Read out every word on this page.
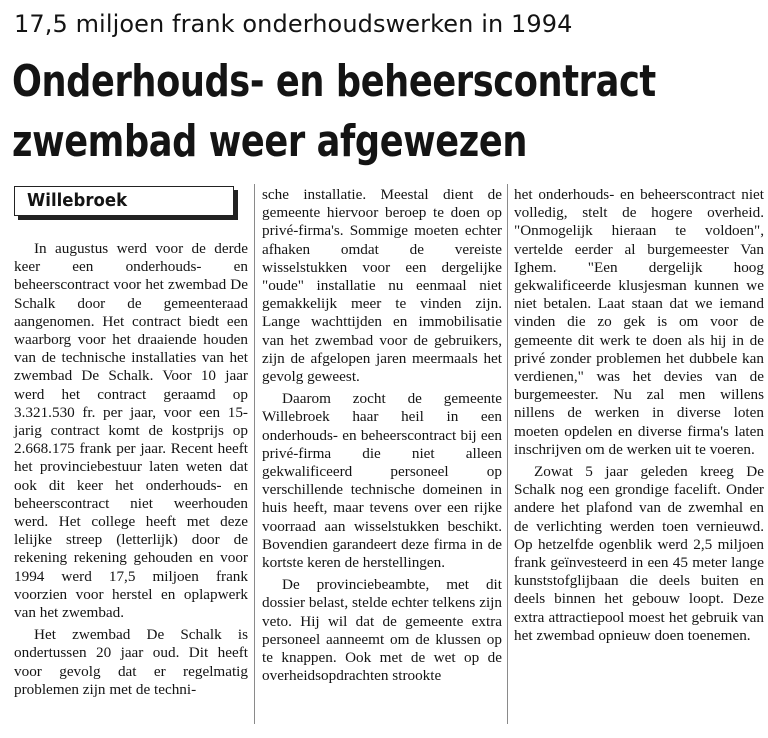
17,5 miljoen frank onderhoudswerken in 1994
Onderhouds- en beheerscontract
zwembad weer afgewezen
Willebroek

In augustus werd voor de derde keer een onderhouds- en beheerscontract voor het zwembad De Schalk door de gemeenteraad aangenomen. Het contract biedt een waarborg voor het draaiende houden van de technische installaties van het zwembad De Schalk. Voor 10 jaar werd het contract geraamd op 3.321.530 fr. per jaar, voor een 15-jarig contract komt de kostprijs op 2.668.175 frank per jaar. Recent heeft het provinciebestuur laten weten dat ook dit keer het onderhouds- en beheerscontract niet weerhouden werd. Het college heeft met deze lelijke streep (letterlijk) door de rekening rekening gehouden en voor 1994 werd 17,5 miljoen frank voorzien voor herstel en oplapwerk van het zwembad.

Het zwembad De Schalk is ondertussen 20 jaar oud. Dit heeft voor gevolg dat er regelmatig problemen zijn met de techni-

sche installatie. Meestal dient de gemeente hiervoor beroep te doen op privé-firma's. Sommige moeten echter afhaken omdat de vereiste wisselstukken voor een dergelijke "oude" installatie nu eenmaal niet gemakkelijk meer te vinden zijn. Lange wachttijden en immobilisatie van het zwembad voor de gebruikers, zijn de afgelopen jaren meermaals het gevolg geweest.

Daarom zocht de gemeente Willebroek haar heil in een onderhouds- en beheerscontract bij een privé-firma die niet alleen gekwalificeerd personeel op verschillende technische domeinen in huis heeft, maar tevens over een rijke voorraad aan wisselstukken beschikt. Bovendien garandeert deze firma in de kortste keren de herstellingen.

De provinciebeambte, met dit dossier belast, stelde echter telkens zijn veto. Hij wil dat de gemeente extra personeel aanneemt om de klussen op te knappen. Ook met de wet op de overheidsopdrachten strookte

het onderhouds- en beheerscontract niet volledig, stelt de hogere overheid. "Onmogelijk hieraan te voldoen", vertelde eerder al burgemeester Van Ighem. "Een dergelijk hoog gekwalificeerde klusjesman kunnen we niet betalen. Laat staan dat we iemand vinden die zo gek is om voor de gemeente dit werk te doen als hij in de privé zonder problemen het dubbele kan verdienen," was het devies van de burgemeester. Nu zal men willens nillens de werken in diverse loten moeten opdelen en diverse firma's laten inschrijven om de werken uit te voeren.

Zowat 5 jaar geleden kreeg De Schalk nog een grondige facelift. Onder andere het plafond van de zwemhal en de verlichting werden toen vernieuwd. Op hetzelfde ogenblik werd 2,5 miljoen frank geïnvesteerd in een 45 meter lange kunststofglijbaan die deels buiten en deels binnen het gebouw loopt. Deze extra attractiepool moest het gebruik van het zwembad opnieuw doen toenemen.
